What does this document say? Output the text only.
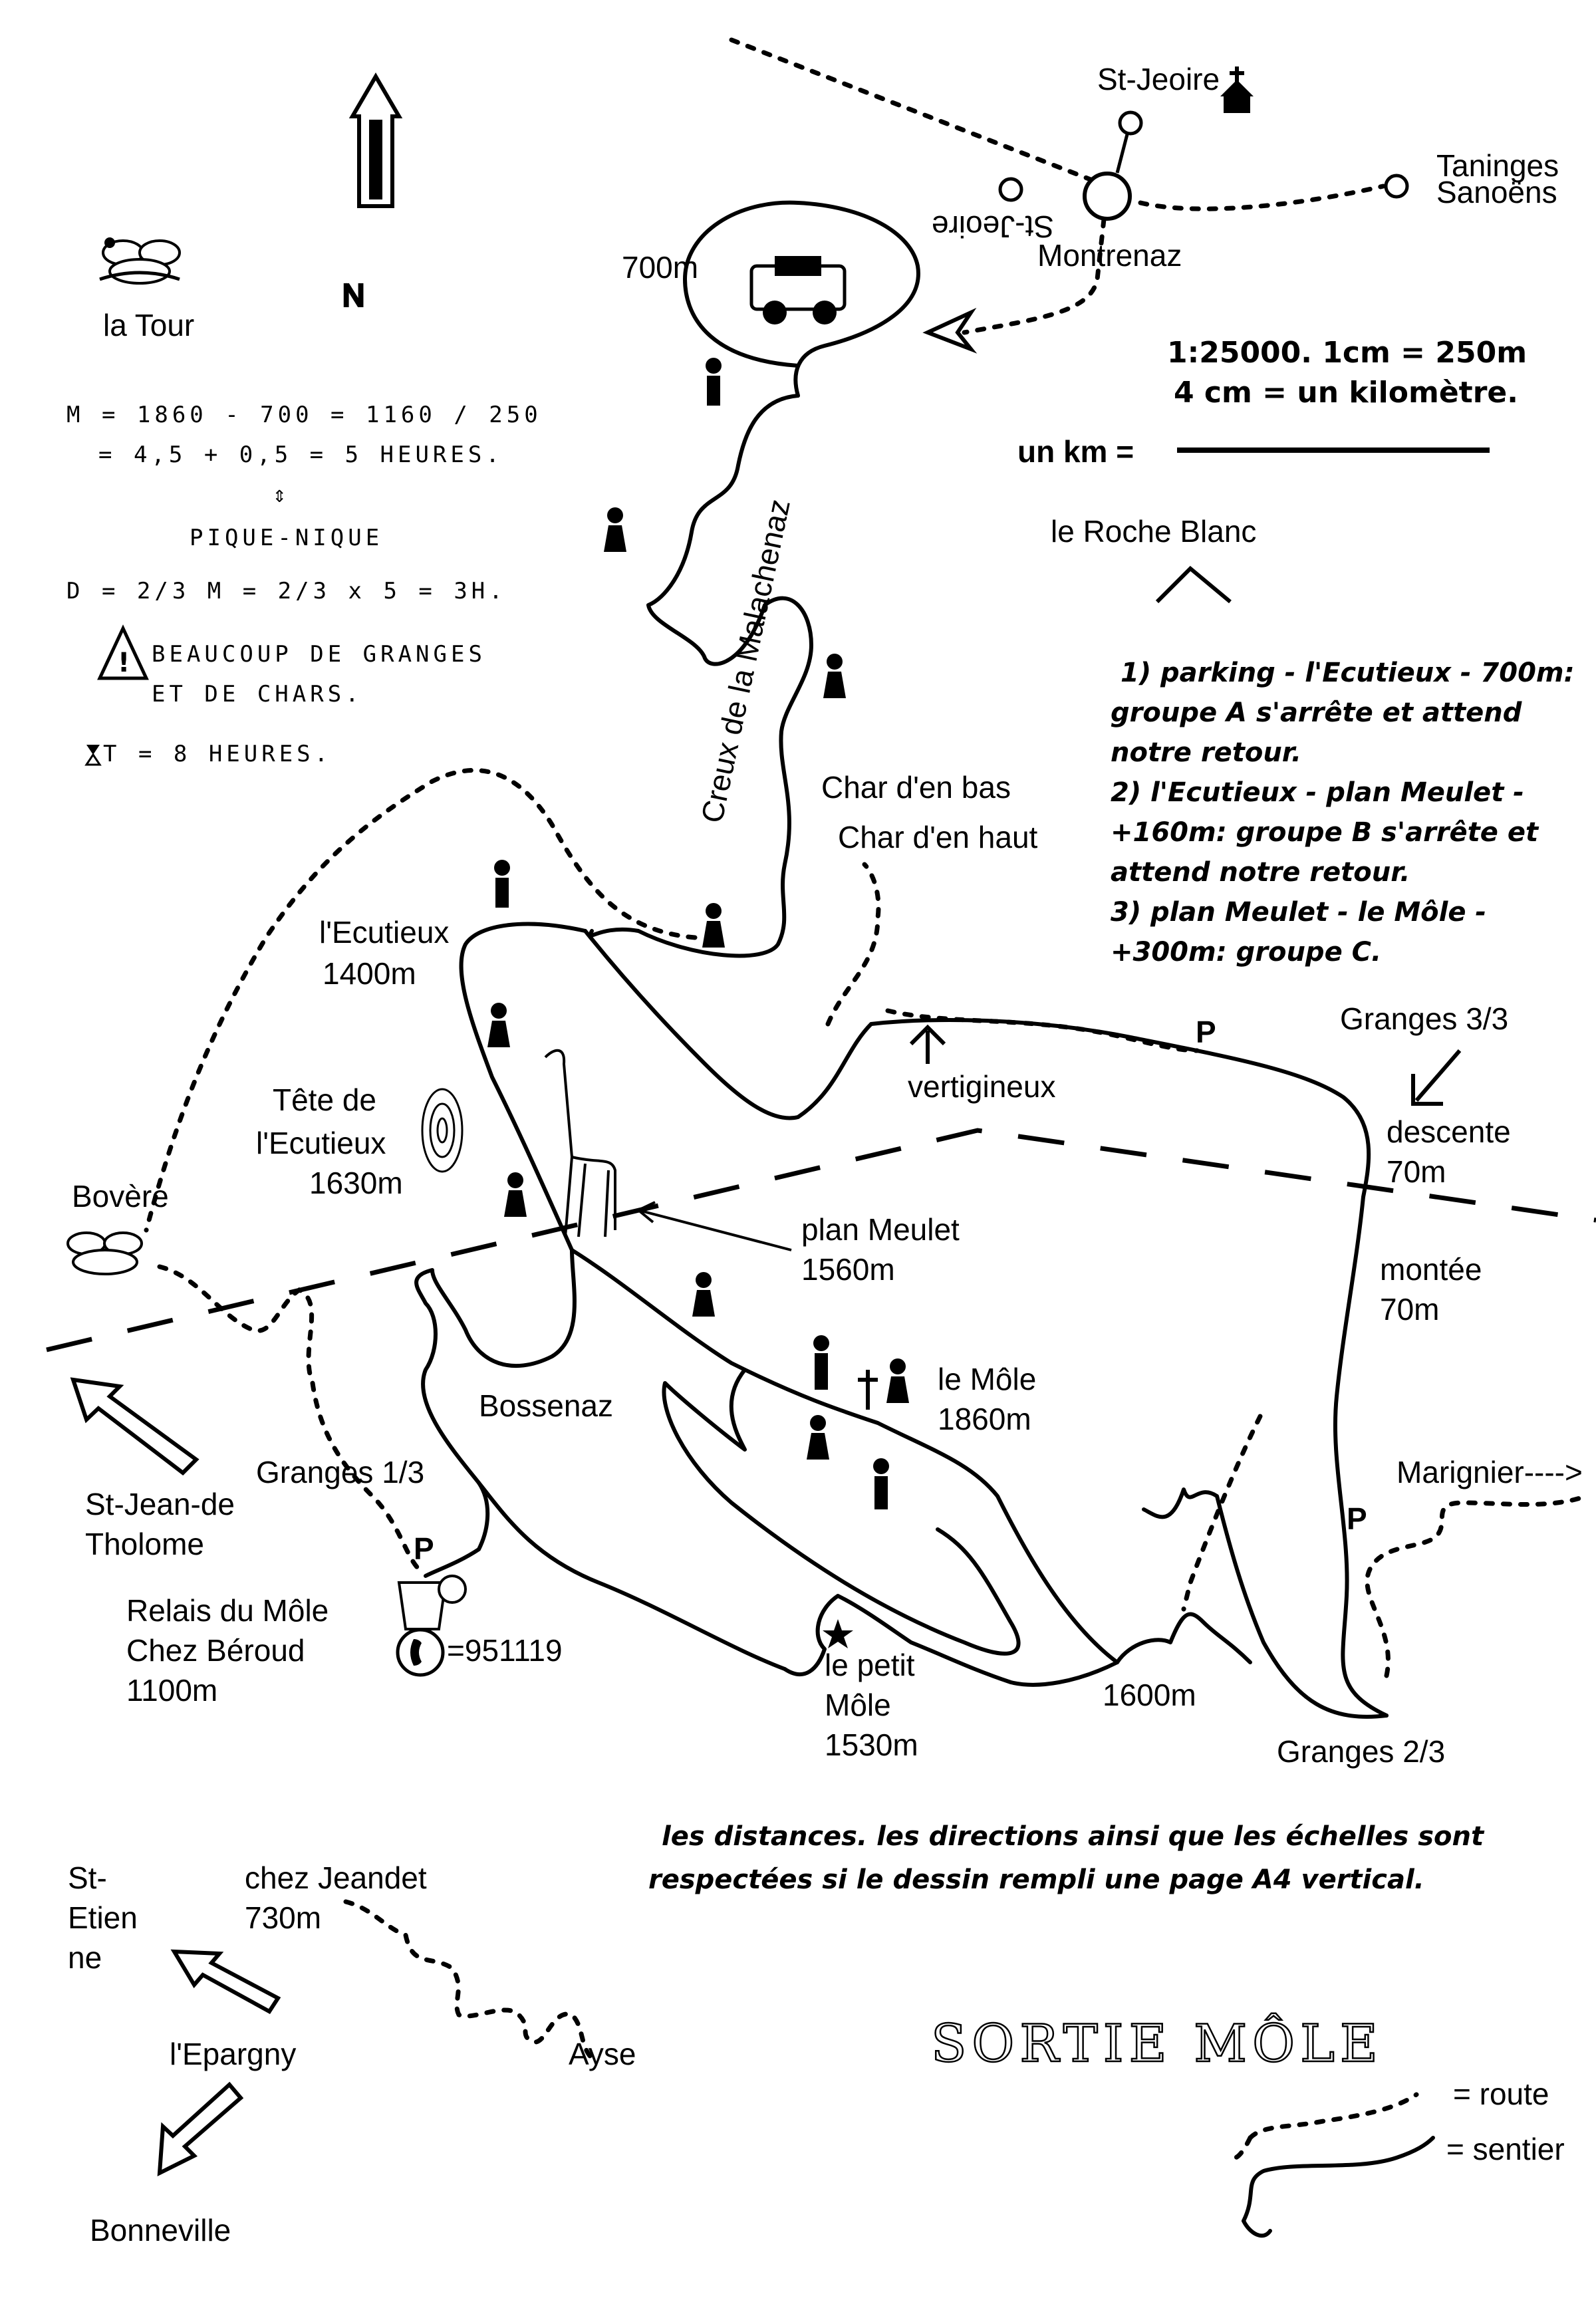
N
la Tour
M = 1860 - 700 = 1160 / 250
= 4,5 + 0,5 = 5 HEURES.
⇕
PIQUE-NIQUE
D = 2/3 M = 2/3 x 5 = 3H.
! BEAUCOUP DE GRANGES
ET DE CHARS.
T = 8 HEURES.
St-Jeoire
St-Jeoire
Montrenaz
Taninges
Sanoëns
700m
1:25000. 1cm = 250m
4 cm = un kilomètre.
un km =
le Roche Blanc
1) parking - l'Ecutieux - 700m:
groupe A s'arrête et attend
notre retour.
2) l'Ecutieux - plan Meulet -
+160m: groupe B s'arrête et
attend notre retour.
3) plan Meulet - le Môle -
+300m: groupe C.
Creux de la Malachenaz Char d'en bas
Char d'en haut
l'Ecutieux
1400m
Tête de
l'Ecutieux
1630m
vertigineux
Granges 3/3
descente
70m
montée
70m
Bovère
plan Meulet
1560m
le Môle
1860m
Bossenaz
Granges 1/3	Marignier---->
St-Jean-de
Tholome
Relais du Môle
Chez Béroud
1100m
=951119	le petit
Môle
1530m
1600m
Granges 2/3
P
P
P
les distances. les directions ainsi que les échelles sont
respectées si le dessin rempli une page A4 vertical.
St-
Etien
ne
chez Jeandet
730m
l'Epargny	Ayse
Bonneville
SORTIE MÔLE
= route
= sentier
